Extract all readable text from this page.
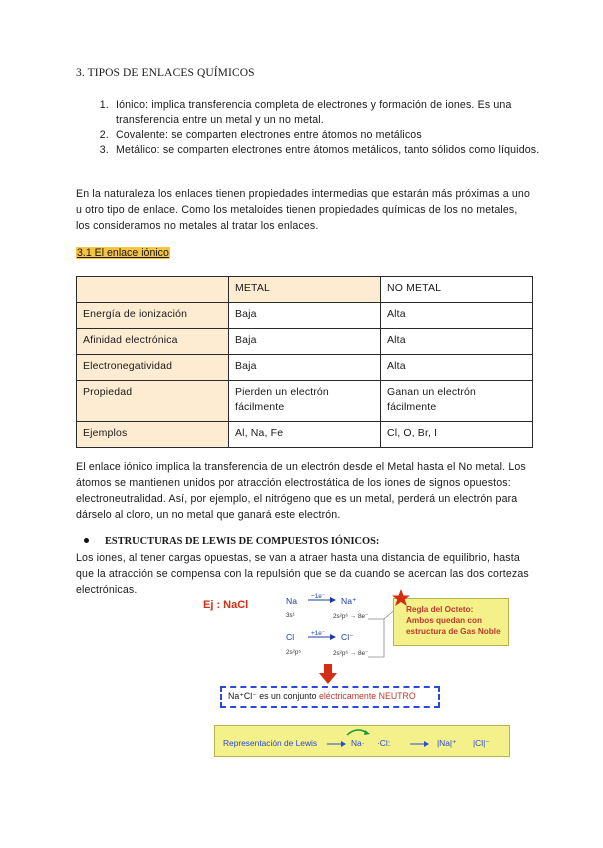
3. TIPOS DE ENLACES QUÍMICOS
1. Iónico: implica transferencia completa de electrones y formación de iones. Es una transferencia entre un metal y un no metal.
2. Covalente: se comparten electrones entre átomos no metálicos
3. Metálico: se comparten electrones entre átomos metálicos, tanto sólidos como líquidos.
En la naturaleza los enlaces tienen propiedades intermedias que estarán más próximas a uno u otro tipo de enlace. Como los metaloides tienen propiedades químicas de los no metales, los consideramos no metales al tratar los enlaces.
3.1 El enlace iónico
	METAL	NO METAL
Energía de ionización	Baja	Alta
Afinidad electrónica	Baja	Alta
Electronegatividad	Baja	Alta
Propiedad	Pierden un electrón fácilmente	Ganan un electrón fácilmente
Ejemplos	Al, Na, Fe	Cl, O, Br, I
El enlace iónico implica la transferencia de un electrón desde el Metal hasta el No metal. Los átomos se mantienen unidos por atracción electrostática de los iones de signos opuestos: electroneutralidad. Así, por ejemplo, el nitrógeno que es un metal, perderá un electrón para dárselo al cloro, un no metal que ganará este electrón.
ESTRUCTURAS DE LEWIS DE COMPUESTOS IÓNICOS:
Los iones, al tener cargas opuestas, se van a atraer hasta una distancia de equilibrio, hasta que la atracción se compensa con la repulsión que se da cuando se acercan las dos cortezas electrónicas.
Ej : NaCl	Na
3s¹
−1e⁻ Na⁺
2s²p⁶ → 8e⁻
Cl
2s²p⁵
+1e⁻ Cl⁻
2s²p⁶ → 8e⁻
Regla del Octeto:
Ambos quedan con estructura de Gas Noble
Na⁺Cl⁻ es un conjunto eléctricamente NEUTRO
Representación de Lewis	Na· ·Cl:	|Na|⁺ |Cl|⁻
